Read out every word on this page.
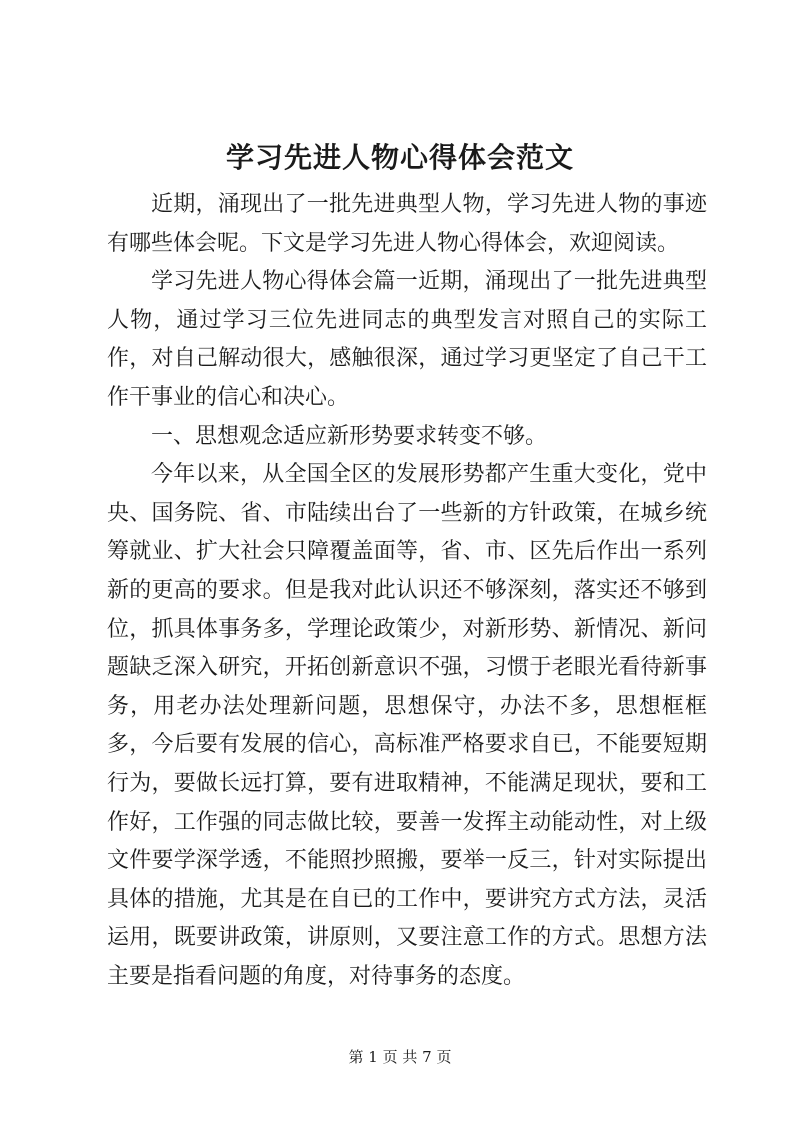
学习先进人物心得体会范文

近期，涌现出了一批先进典型人物，学习先进人物的事迹有哪些体会呢。下文是学习先进人物心得体会，欢迎阅读。

学习先进人物心得体会篇一近期，涌现出了一批先进典型人物，通过学习三位先进同志的典型发言对照自己的实际工作，对自己解动很大，感触很深，通过学习更坚定了自己干工作干事业的信心和决心。

一、思想观念适应新形势要求转变不够。

今年以来，从全国全区的发展形势都产生重大变化，党中央、国务院、省、市陆续出台了一些新的方针政策，在城乡统筹就业、扩大社会只障覆盖面等，省、市、区先后作出一系列新的更高的要求。但是我对此认识还不够深刻，落实还不够到位，抓具体事务多，学理论政策少，对新形势、新情况、新问题缺乏深入研究，开拓创新意识不强，习惯于老眼光看待新事务，用老办法处理新问题，思想保守，办法不多，思想框框多，今后要有发展的信心，高标准严格要求自已，不能要短期行为，要做长远打算，要有进取精神，不能满足现状，要和工作好，工作强的同志做比较，要善一发挥主动能动性，对上级文件要学深学透，不能照抄照搬，要举一反三，针对实际提出具体的措施，尤其是在自已的工作中，要讲究方式方法，灵活运用，既要讲政策，讲原则，又要注意工作的方式。思想方法主要是指看问题的角度，对待事务的态度。

第 1 页 共 7 页
